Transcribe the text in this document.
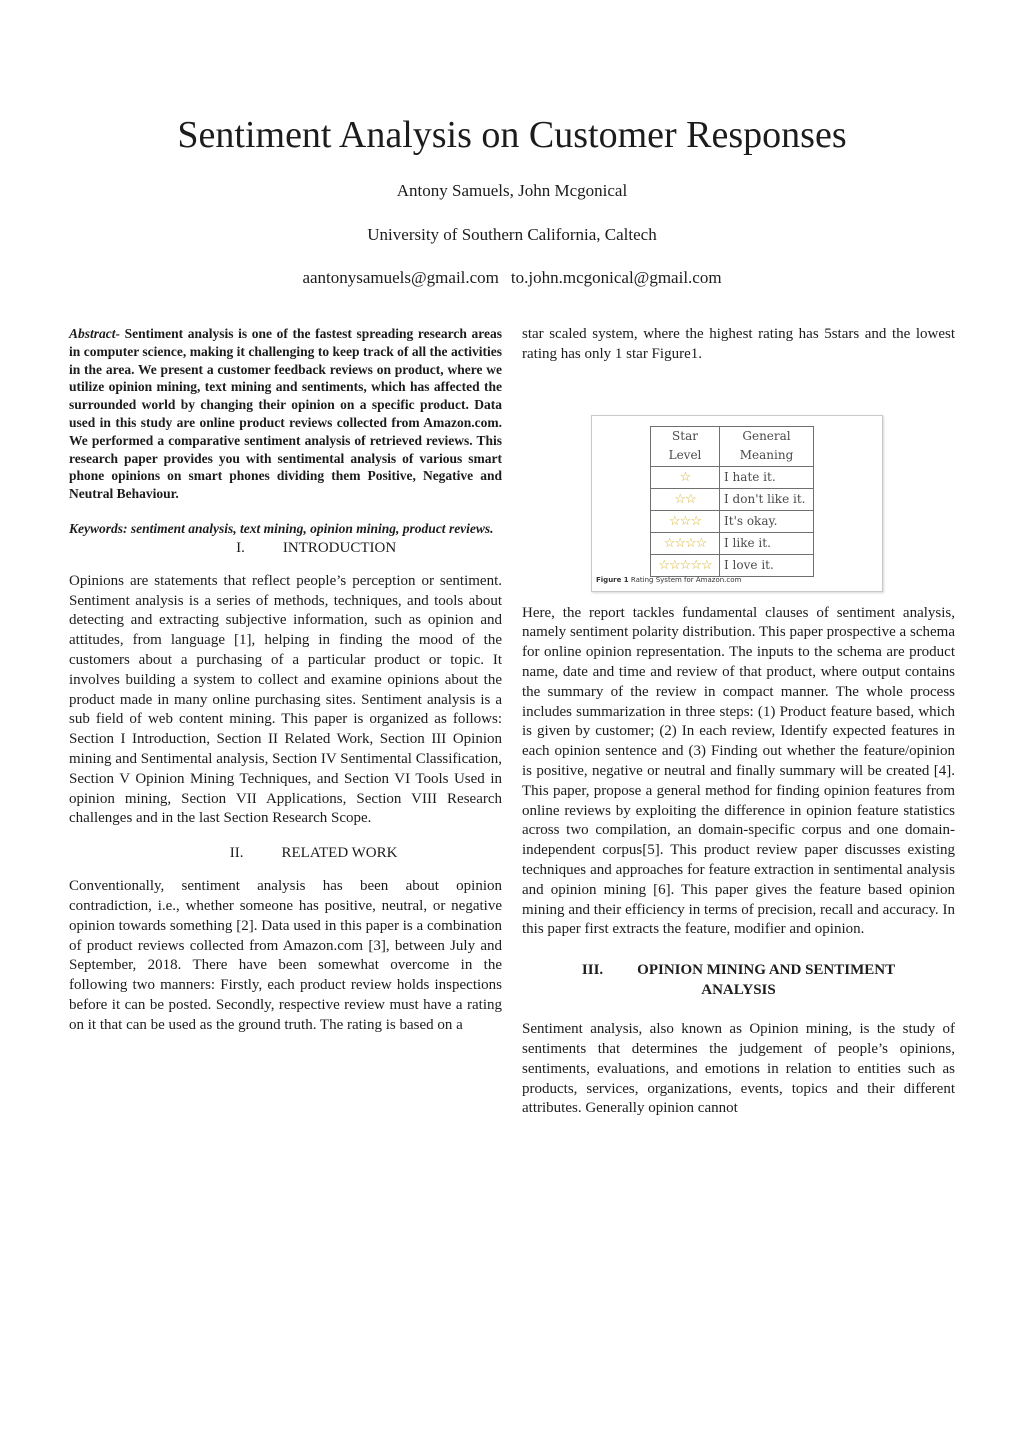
Sentiment Analysis on Customer Responses

Antony Samuels, John Mcgonical

University of Southern California, Caltech

aantonysamuels@gmail.com to.john.mcgonical@gmail.com

Abstract- Sentiment analysis is one of the fastest spreading research areas in computer science, making it challenging to keep track of all the activities in the area. We present a customer feedback reviews on product, where we utilize opinion mining, text mining and sentiments, which has affected the surrounded world by changing their opinion on a specific product. Data used in this study are online product reviews collected from Amazon.com. We performed a comparative sentiment analysis of retrieved reviews. This research paper provides you with sentimental analysis of various smart phone opinions on smart phones dividing them Positive, Negative and Neutral Behaviour.

Keywords: sentiment analysis, text mining, opinion mining, product reviews.

I.	INTRODUCTION

Opinions are statements that reflect people’s perception or sentiment. Sentiment analysis is a series of methods, techniques, and tools about detecting and extracting subjective information, such as opinion and attitudes, from language [1], helping in finding the mood of the customers about a purchasing of a particular product or topic. It involves building a system to collect and examine opinions about the product made in many online purchasing sites. Sentiment analysis is a sub field of web content mining. This paper is organized as follows: Section I Introduction, Section II Related Work, Section III Opinion mining and Sentimental analysis, Section IV Sentimental Classification, Section V Opinion Mining Techniques, and Section VI Tools Used in opinion mining, Section VII Applications, Section VIII Research challenges and in the last Section Research Scope.

II.	RELATED WORK

Conventionally, sentiment analysis has been about opinion contradiction, i.e., whether someone has positive, neutral, or negative opinion towards something [2]. Data used in this paper is a combination of product reviews collected from Amazon.com [3], between July and September, 2018. There have been somewhat overcome in the following two manners: Firstly, each product review holds inspections before it can be posted. Secondly, respective review must have a rating on it that can be used as the ground truth. The rating is based on a

star scaled system, where the highest rating has 5stars and the lowest rating has only 1 star Figure1.

Star Level	General Meaning
☆	I hate it.
☆☆	I don't like it.
☆☆☆	It's okay.
☆☆☆☆	I like it.
☆☆☆☆☆	I love it.
Figure 1 Rating System for Amazon.com

Here, the report tackles fundamental clauses of sentiment analysis, namely sentiment polarity distribution. This paper prospective a schema for online opinion representation. The inputs to the schema are product name, date and time and review of that product, where output contains the summary of the review in compact manner. The whole process includes summarization in three steps: (1) Product feature based, which is given by customer; (2) In each review, Identify expected features in each opinion sentence and (3) Finding out whether the feature/opinion is positive, negative or neutral and finally summary will be created [4]. This paper, propose a general method for finding opinion features from online reviews by exploiting the difference in opinion feature statistics across two compilation, an domain-specific corpus and one domain-independent corpus[5]. This product review paper discusses existing techniques and approaches for feature extraction in sentimental analysis and opinion mining [6]. This paper gives the feature based opinion mining and their efficiency in terms of precision, recall and accuracy. In this paper first extracts the feature, modifier and opinion.

III. OPINION MINING AND SENTIMENT
ANALYSIS

Sentiment analysis, also known as Opinion mining, is the study of sentiments that determines the judgement of people’s opinions, sentiments, evaluations, and emotions in relation to entities such as products, services, organizations, events, topics and their different attributes. Generally opinion cannot
